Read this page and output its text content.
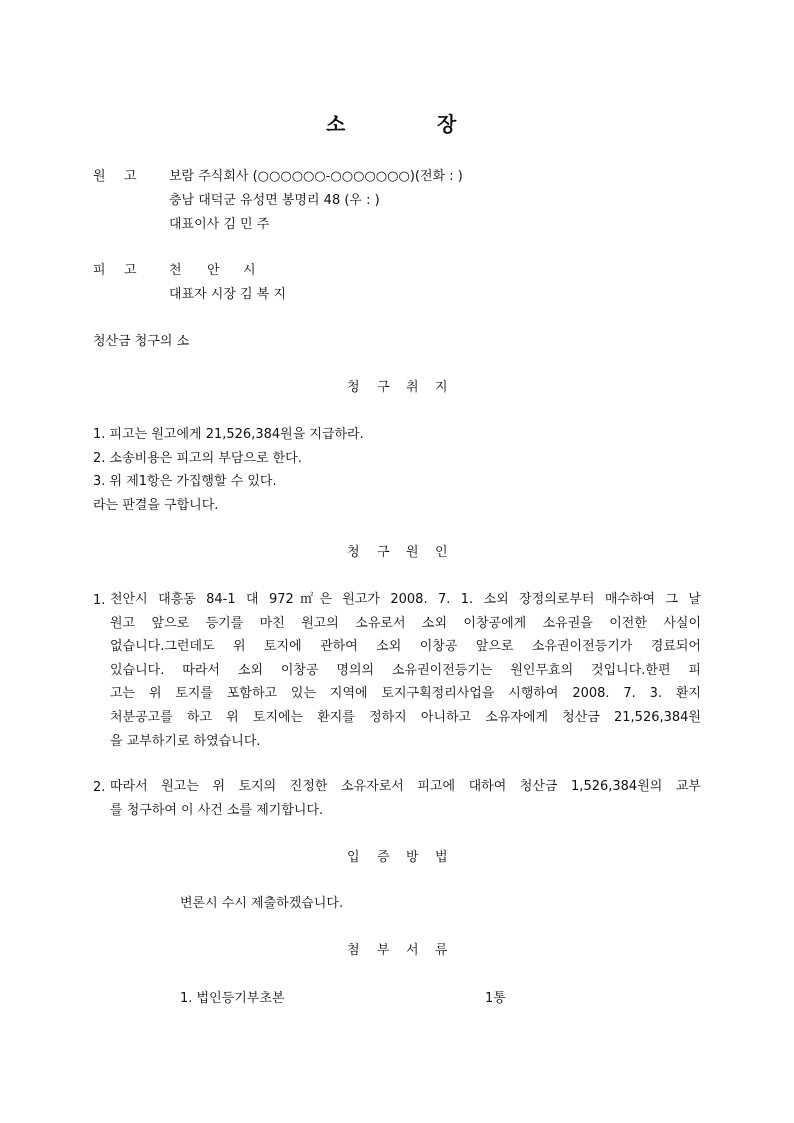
소	장
원 고 보람 주식회사 (○○○○○○-○○○○○○○)(전화 : )
충남 대덕군 유성면 봉명리 48 (우 : )
대표이사 김 민 주
피 고 천 안 시
대표자 시장 김 복 지
청산금 청구의 소
청 구 취 지
1. 피고는 원고에게 21,526,384원을 지급하라.
2. 소송비용은 피고의 부담으로 한다.
3. 위 제1항은 가집행할 수 있다.
라는 판결을 구합니다.
청 구 원 인
1. 천안시 대흥동 84-1 대 972㎡은 원고가 2008. 7. 1. 소외 장정의로부터 매수하여 그 날
원고 앞으로 등기를 마친 원고의 소유로서 소외 이창공에게 소유권을 이전한 사실이
없습니다.그런데도 위 토지에 관하여 소외 이창공 앞으로 소유권이전등기가 경료되어
있습니다. 따라서 소외 이창공 명의의 소유권이전등기는 원인무효의 것입니다.한편 피
고는 위 토지를 포함하고 있는 지역에 토지구획정리사업을 시행하여 2008. 7. 3. 환지
처분공고를 하고 위 토지에는 환지를 정하지 아니하고 소유자에게 청산금 21,526,384원
을 교부하기로 하였습니다.
2. 따라서 원고는 위 토지의 진정한 소유자로서 피고에 대하여 청산금 1,526,384원의 교부
를 청구하여 이 사건 소를 제기합니다.
입 증 방 법
변론시 수시 제출하겠습니다.
첨 부 서 류
1. 법인등기부초본	1통
